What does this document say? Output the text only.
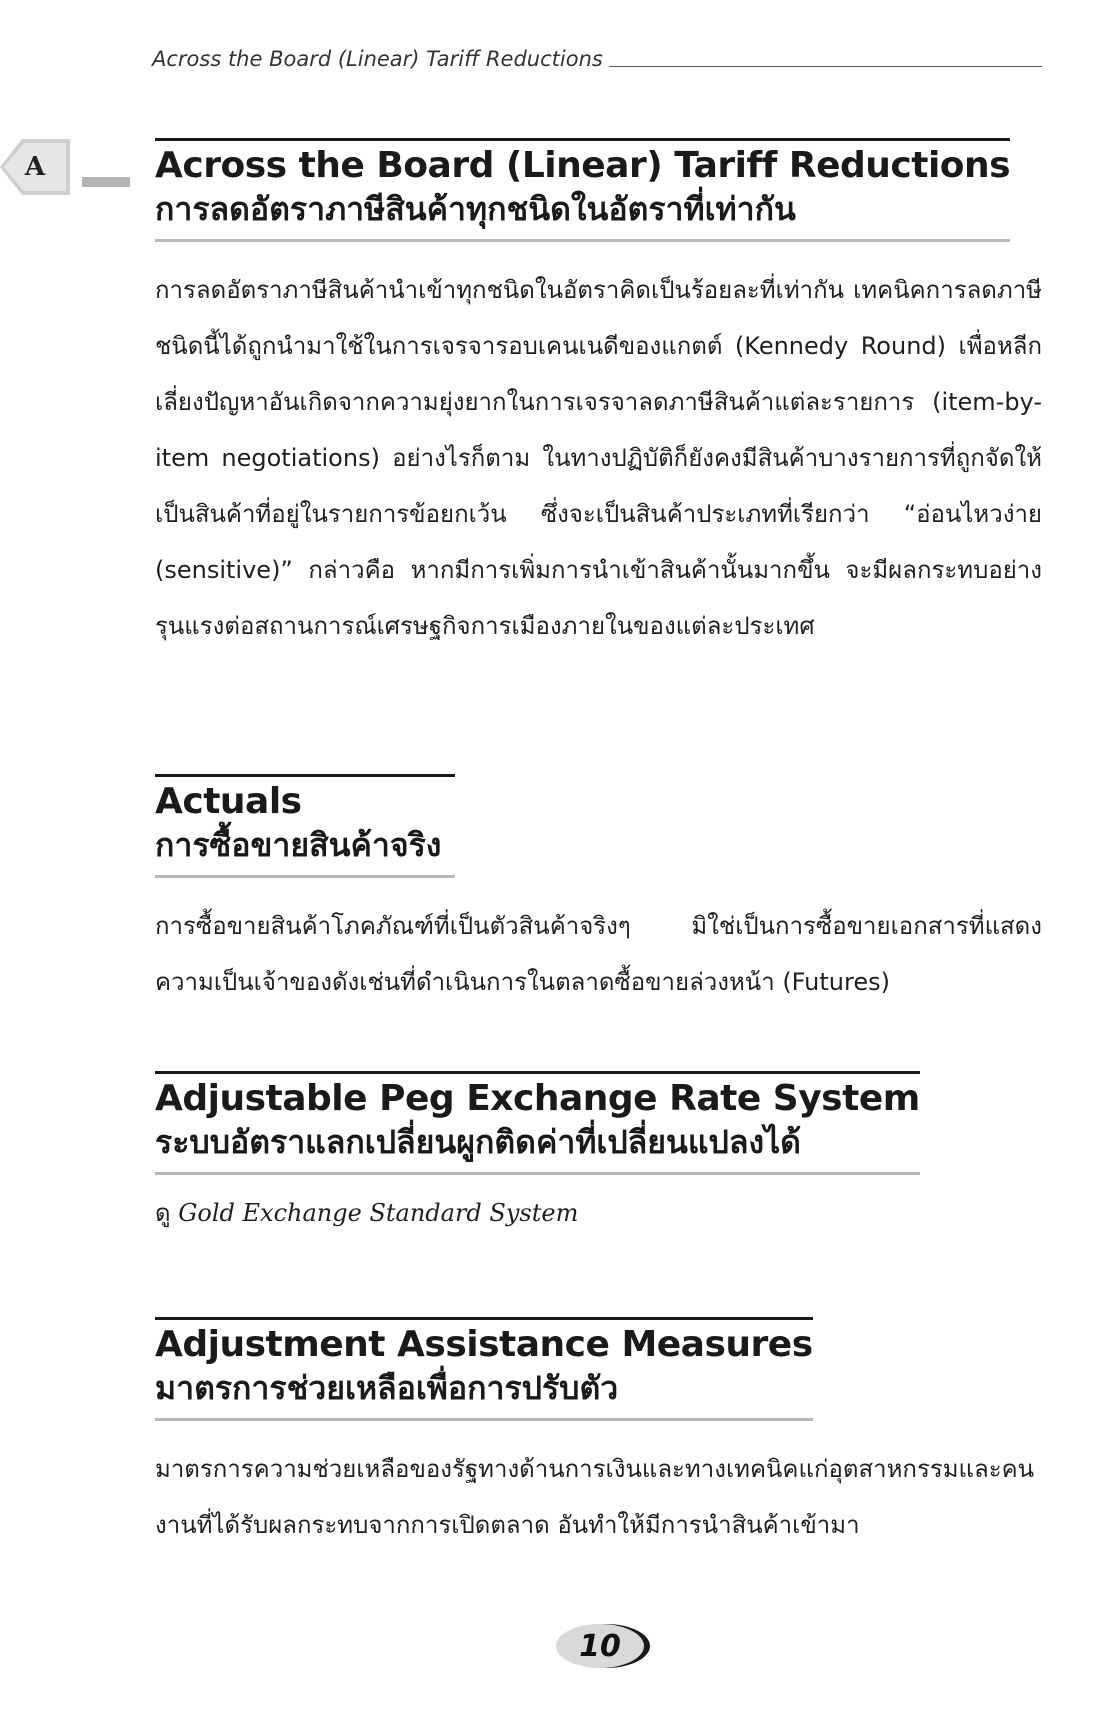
Across the Board (Linear) Tariff Reductions
A	Across the Board (Linear) Tariff Reductions
การลดอัตราภาษีสินค้าทุกชนิดในอัตราที่เท่ากัน
การลดอัตราภาษีสินค้านำเข้าทุกชนิดในอัตราคิดเป็นร้อยละที่เท่ากัน เทคนิคการลดภาษีชนิดนี้ได้ถูกนำมาใช้ในการเจรจารอบเคนเนดีของแกตต์ (Kennedy Round) เพื่อหลีกเลี่ยงปัญหาอันเกิดจากความยุ่งยากในการเจรจาลดภาษีสินค้าแต่ละรายการ (item-by-item negotiations) อย่างไรก็ตาม ในทางปฏิบัติก็ยังคงมีสินค้าบางรายการที่ถูกจัดให้เป็นสินค้าที่อยู่ในรายการข้อยกเว้น ซึ่งจะเป็นสินค้าประเภทที่เรียกว่า “อ่อนไหวง่าย (sensitive)” กล่าวคือ หากมีการเพิ่มการนำเข้าสินค้านั้นมากขึ้น จะมีผลกระทบอย่างรุนแรงต่อสถานการณ์เศรษฐกิจการเมืองภายในของแต่ละประเทศ
Actuals
การซื้อขายสินค้าจริง
การซื้อขายสินค้าโภคภัณฑ์ที่เป็นตัวสินค้าจริงๆ มิใช่เป็นการซื้อขายเอกสารที่แสดงความเป็นเจ้าของดังเช่นที่ดำเนินการในตลาดซื้อขายล่วงหน้า (Futures)
Adjustable Peg Exchange Rate System
ระบบอัตราแลกเปลี่ยนผูกติดค่าที่เปลี่ยนแปลงได้
ดู Gold Exchange Standard System
Adjustment Assistance Measures
มาตรการช่วยเหลือเพื่อการปรับตัว
มาตรการความช่วยเหลือของรัฐทางด้านการเงินและทางเทคนิคแก่อุตสาหกรรมและคนงานที่ได้รับผลกระทบจากการเปิดตลาด อันทำให้มีการนำสินค้าเข้ามา
10
